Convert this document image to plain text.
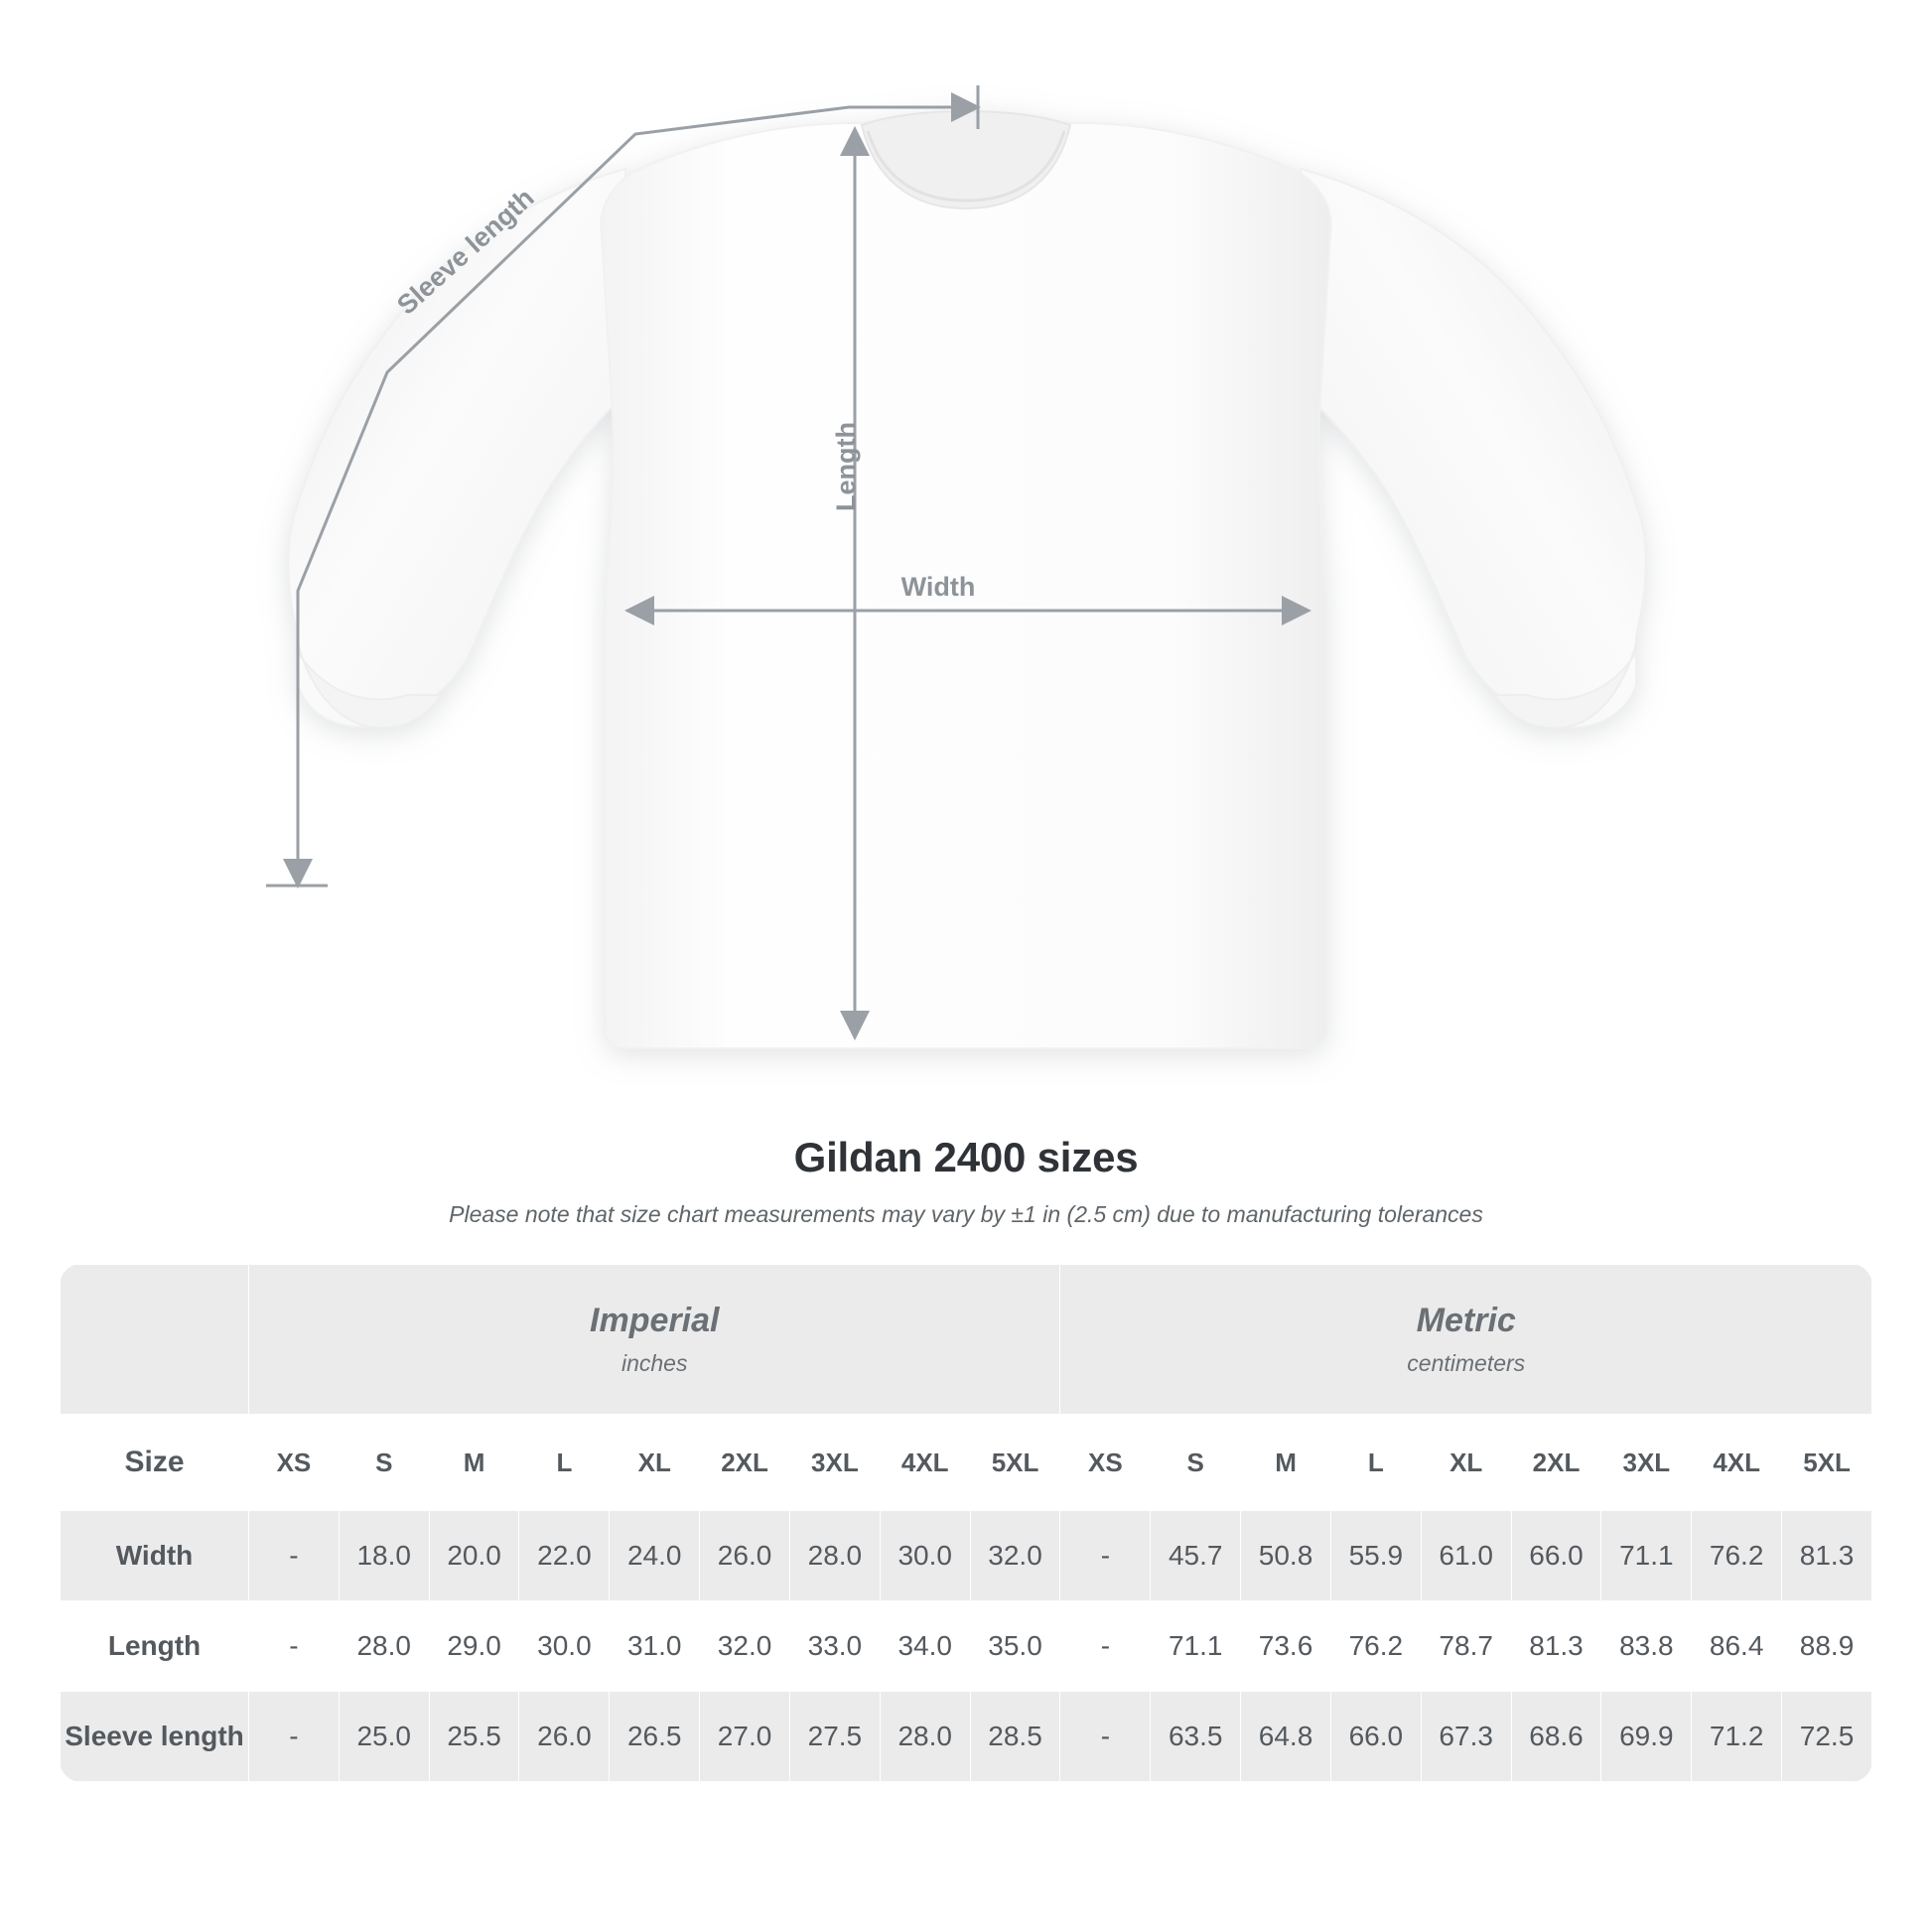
Length
Width
Sleeve length
Gildan 2400 sizes
Please note that size chart measurements may vary by ±1 in (2.5 cm) due to manufacturing tolerances

Imperial
inches

Metric
centimeters

Size	XS	S	M	L	XL	2XL	3XL	4XL	5XL	XS	S	M	L	XL	2XL	3XL	4XL	5XL
Width	-	18.0	20.0	22.0	24.0	26.0	28.0	30.0	32.0	-	45.7	50.8	55.9	61.0	66.0	71.1	76.2	81.3
Length	-	28.0	29.0	30.0	31.0	32.0	33.0	34.0	35.0	-	71.1	73.6	76.2	78.7	81.3	83.8	86.4	88.9
Sleeve length	-	25.0	25.5	26.0	26.5	27.0	27.5	28.0	28.5	-	63.5	64.8	66.0	67.3	68.6	69.9	71.2	72.5
